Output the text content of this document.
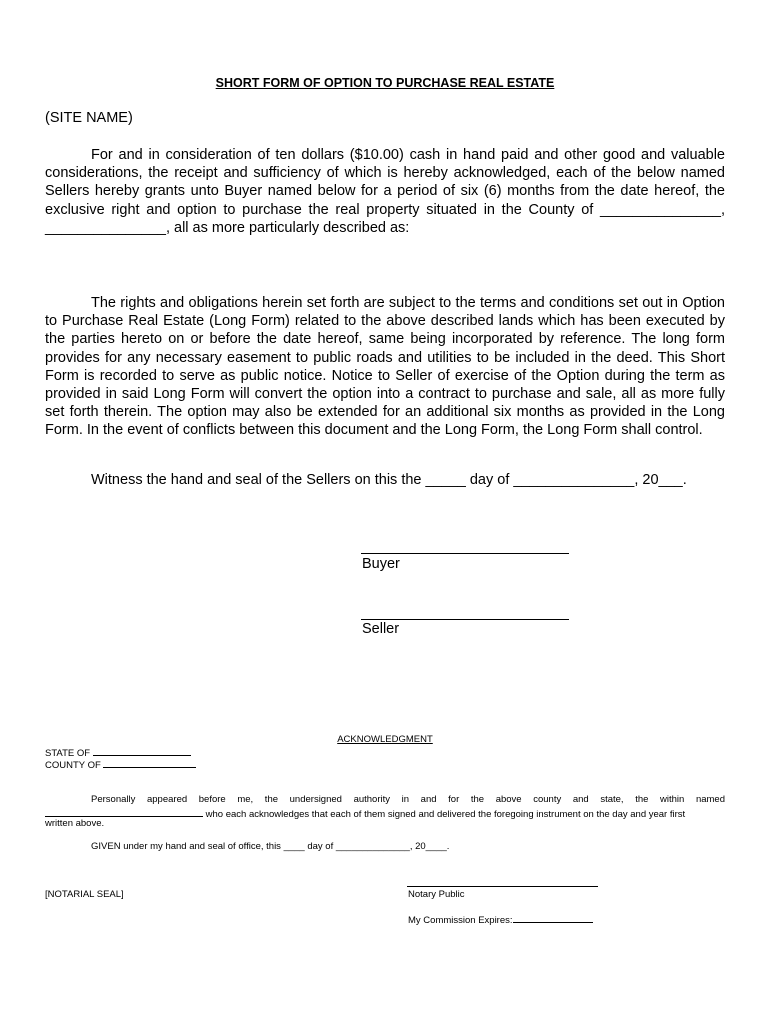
SHORT FORM OF OPTION TO PURCHASE REAL ESTATE
(SITE NAME)
For and in consideration of ten dollars ($10.00) cash in hand paid and other good and valuable considerations, the receipt and sufficiency of which is hereby acknowledged, each of the below named Sellers hereby grants unto Buyer named below for a period of six (6) months from the date hereof, the exclusive right and option to purchase the real property situated in the County of _______________, _______________, all as more particularly described as:
The rights and obligations herein set forth are subject to the terms and conditions set out in Option to Purchase Real Estate (Long Form) related to the above described lands which has been executed by the parties hereto on or before the date hereof, same being incorporated by reference. The long form provides for any necessary easement to public roads and utilities to be included in the deed. This Short Form is recorded to serve as public notice. Notice to Seller of exercise of the Option during the term as provided in said Long Form will convert the option into a contract to purchase and sale, all as more fully set forth therein. The option may also be extended for an additional six months as provided in the Long Form. In the event of conflicts between this document and the Long Form, the Long Form shall control.
Witness the hand and seal of the Sellers on this the _____ day of _______________, 20___.
Buyer
Seller
ACKNOWLEDGMENT
STATE OF
COUNTY OF
Personally appeared before me, the undersigned authority in and for the above county and state, the within named
who each acknowledges that each of them signed and delivered the foregoing instrument on the day and year first
written above.
GIVEN under my hand and seal of office, this ____ day of ______________, 20____.
[NOTARIAL SEAL]	Notary Public
My Commission Expires:
